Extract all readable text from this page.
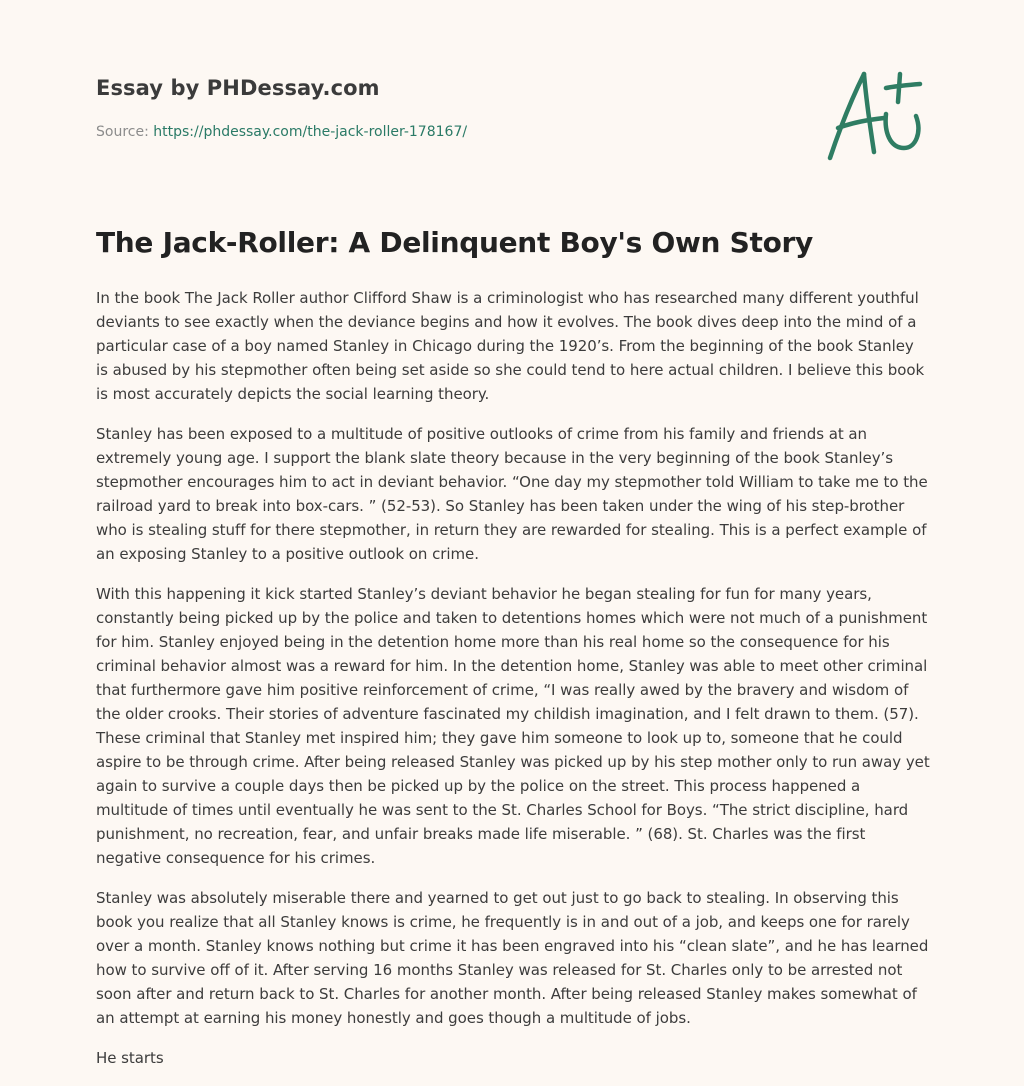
Essay by PHDessay.com
Source: https://phdessay.com/the-jack-roller-178167/
The Jack-Roller: A Delinquent Boy's Own Story

In the book The Jack Roller author Clifford Shaw is a criminologist who has researched many different youthful deviants to see exactly when the deviance begins and how it evolves. The book dives deep into the mind of a particular case of a boy named Stanley in Chicago during the 1920’s. From the beginning of the book Stanley is abused by his stepmother often being set aside so she could tend to here actual children. I believe this book is most accurately depicts the social learning theory.

Stanley has been exposed to a multitude of positive outlooks of crime from his family and friends at an extremely young age. I support the blank slate theory because in the very beginning of the book Stanley’s stepmother encourages him to act in deviant behavior. “One day my stepmother told William to take me to the railroad yard to break into box-cars. ” (52-53). So Stanley has been taken under the wing of his step-brother who is stealing stuff for there stepmother, in return they are rewarded for stealing. This is a perfect example of an exposing Stanley to a positive outlook on crime.

With this happening it kick started Stanley’s deviant behavior he began stealing for fun for many years, constantly being picked up by the police and taken to detentions homes which were not much of a punishment for him. Stanley enjoyed being in the detention home more than his real home so the consequence for his criminal behavior almost was a reward for him. In the detention home, Stanley was able to meet other criminal that furthermore gave him positive reinforcement of crime, “I was really awed by the bravery and wisdom of the older crooks. Their stories of adventure fascinated my childish imagination, and I felt drawn to them. (57). These criminal that Stanley met inspired him; they gave him someone to look up to, someone that he could aspire to be through crime. After being released Stanley was picked up by his step mother only to run away yet again to survive a couple days then be picked up by the police on the street. This process happened a multitude of times until eventually he was sent to the St. Charles School for Boys. “The strict discipline, hard punishment, no recreation, fear, and unfair breaks made life miserable. ” (68). St. Charles was the first negative consequence for his crimes.

Stanley was absolutely miserable there and yearned to get out just to go back to stealing. In observing this book you realize that all Stanley knows is crime, he frequently is in and out of a job, and keeps one for rarely over a month. Stanley knows nothing but crime it has been engraved into his “clean slate”, and he has learned how to survive off of it. After serving 16 months Stanley was released for St. Charles only to be arrested not soon after and return back to St. Charles for another month. After being released Stanley makes somewhat of an attempt at earning his money honestly and goes though a multitude of jobs.

He starts
